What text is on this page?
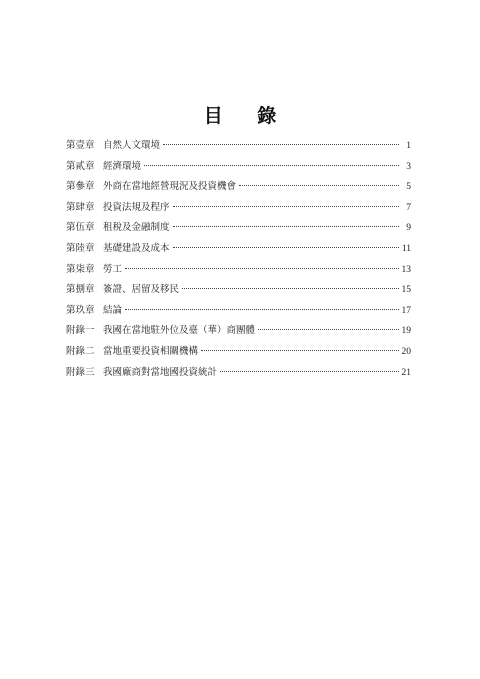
目 錄
第壹章 自然人文環境	1
第貳章 經濟環境	3
第參章 外商在當地經營現況及投資機會	5
第肆章 投資法規及程序	7
第伍章 租稅及金融制度	9
第陸章 基礎建設及成本	11
第柒章 勞工	13
第捌章 簽證、居留及移民	15
第玖章 結論	17
附錄一 我國在當地駐外位及臺（華）商團體	19
附錄二 當地重要投資相關機構	20
附錄三 我國廠商對當地國投資統計	21
